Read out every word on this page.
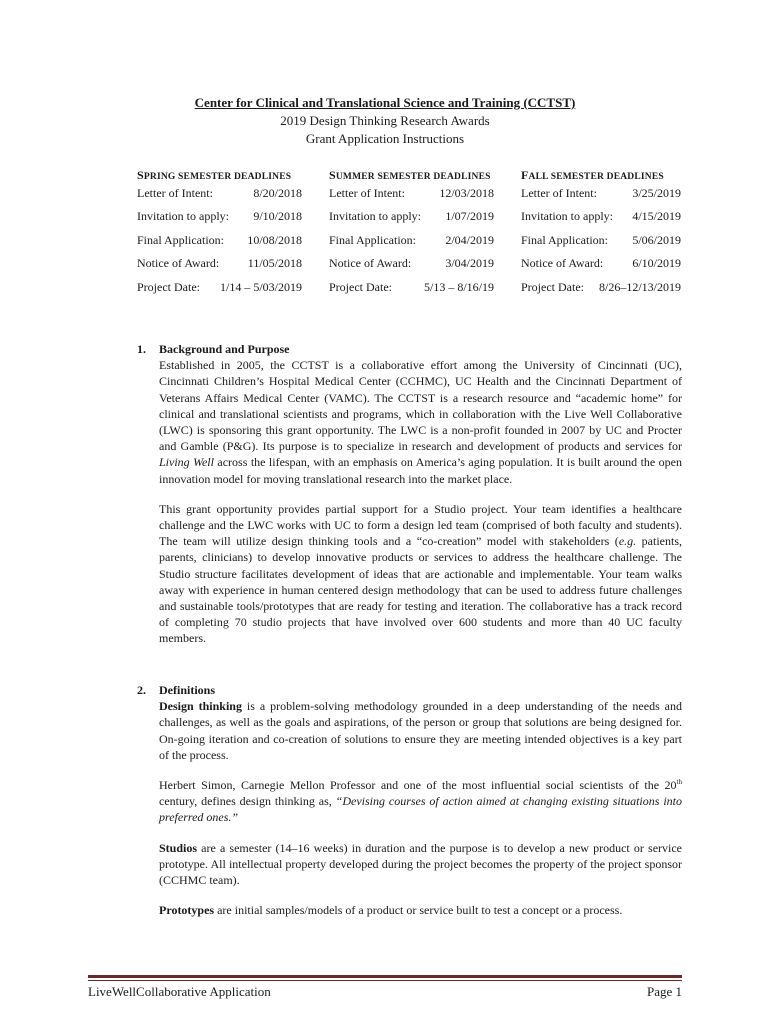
Center for Clinical and Translational Science and Training (CCTST)
2019 Design Thinking Research Awards
Grant Application Instructions
SPRING SEMESTER DEADLINES
Letter of Intent:	8/20/2018
Invitation to apply: 9/10/2018
Final Application: 10/08/2018
Notice of Award: 11/05/2018
Project Date: 1/14 – 5/03/2019
SUMMER SEMESTER DEADLINES
Letter of Intent:	12/03/2018
Invitation to apply: 1/07/2019
Final Application: 2/04/2019
Notice of Award:	3/04/2019
Project Date:	5/13 – 8/16/19
FALL SEMESTER DEADLINES
Letter of Intent:	3/25/2019
Invitation to apply: 4/15/2019
Final Application: 5/06/2019
Notice of Award: 6/10/2019
Project Date: 8/26–12/13/2019
1. Background and Purpose

Established in 2005, the CCTST is a collaborative effort among the University of Cincinnati (UC), Cincinnati Children’s Hospital Medical Center (CCHMC), UC Health and the Cincinnati Department of Veterans Affairs Medical Center (VAMC). The CCTST is a research resource and “academic home” for clinical and translational scientists and programs, which in collaboration with the Live Well Collaborative (LWC) is sponsoring this grant opportunity. The LWC is a non-profit founded in 2007 by UC and Procter and Gamble (P&G). Its purpose is to specialize in research and development of products and services for Living Well across the lifespan, with an emphasis on America’s aging population. It is built around the open innovation model for moving translational research into the market place.

This grant opportunity provides partial support for a Studio project. Your team identifies a healthcare challenge and the LWC works with UC to form a design led team (comprised of both faculty and students). The team will utilize design thinking tools and a “co-creation” model with stakeholders (e.g. patients, parents, clinicians) to develop innovative products or services to address the healthcare challenge. The Studio structure facilitates development of ideas that are actionable and implementable. Your team walks away with experience in human centered design methodology that can be used to address future challenges and sustainable tools/prototypes that are ready for testing and iteration. The collaborative has a track record of completing 70 studio projects that have involved over 600 students and more than 40 UC faculty members.

2. Definitions

Design thinking is a problem-solving methodology grounded in a deep understanding of the needs and challenges, as well as the goals and aspirations, of the person or group that solutions are being designed for. On-going iteration and co-creation of solutions to ensure they are meeting intended objectives is a key part of the process.

Herbert Simon, Carnegie Mellon Professor and one of the most influential social scientists of the 20th century, defines design thinking as, “Devising courses of action aimed at changing existing situations into preferred ones.”

Studios are a semester (14–16 weeks) in duration and the purpose is to develop a new product or service prototype. All intellectual property developed during the project becomes the property of the project sponsor (CCHMC team).

Prototypes are initial samples/models of a product or service built to test a concept or a process.

LiveWellCollaborative Application	Page 1
